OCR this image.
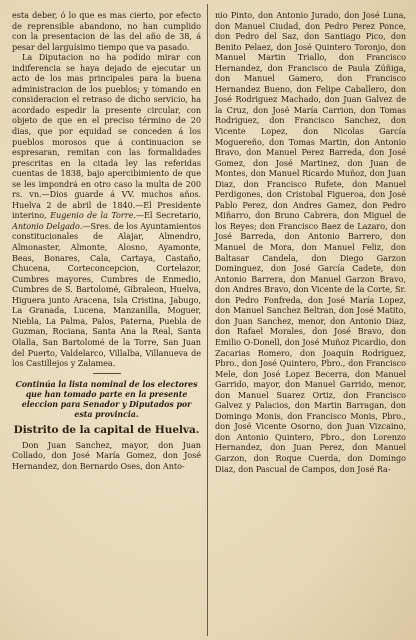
esta deber, ó lo que es mas cierto, por efecto de reprensible abandono, no han cumplido con la presentacion de las del año de 38, á pesar del larguísimo tiempo que va pasado.

La Diputacion no ha podido mirar con indiferencia se haya dejado de ejecutar un acto de los mas principales para la buena administracion de los pueblos; y tomando en consideracion el retraso de dicho servicio, ha acordado espedir la presente circular, con objeto de que en el preciso término de 20 dias, que por equidad se conceden á los pueblos morosos que á continuacion se espresaran, remitan con las formalidades prescritas en la citada ley las referidas cuentas de 1838, bajo apercibimiento de que se les impondrá en otro caso la multa de 200 rs. vn.—Dios guarde á VV. muchos años. Huelva 2 de abril de 1840.—El Presidente interino, Eugenio de la Torre.—El Secretario, Antonio Delgado.—Sres. de los Ayuntamientos constitucionales de Alajar, Almendro, Almonaster, Almonte, Alosno, Ayamonte, Beas, Bonares, Cala, Cartaya, Castaño, Chucena, Corteconcepcion, Cortelazor, Cumbres mayores, Cumbres de Enmedio, Cumbres de S. Bartolomé, Gibraleon, Huelva, Higuera junto Aracena, Isla Cristina, Jabugo, La Granada, Lucena, Manzanilla, Moguer, Niebla, La Palma, Palos, Paterna, Puebla de Guzman, Rociana, Santa Ana la Real, Santa Olalla, San Bartolomé de la Torre, San Juan del Puerto, Valdelarco, Villalba, Villanueva de los Castillejos y Zalamea.

Continúa la lista nominal de los electores que han tomado parte en la presente eleccion para Senador y Diputados por esta provincia.

Distrito de la capital de Huelva.

Don Juan Sanchez, mayor, don Juan Collado, don José María Gomez, don José Hernandez, don Bernardo Oses, don Anto-

nio Pinto, don Antonio Jurado, don José Luna, don Manuel Ciudad, don Pedro Perez Ponce, don Pedro del Saz, don Santiago Pico, don Benito Pelaez, don José Quintero Toronjo, don Manuel Martin Triallo, don Francisco Hernandez, don Francisco de Paula Zúñiga, don Manuel Gamero, don Francisco Hernandez Bueno, don Felipe Caballero, don José Rodriguez Machado, don Juan Galvez de la Cruz, don José María Carrion, don Tomas Rodriguez, don Francisco Sanchez, don Vicente Lopez, don Nicolas García Moguereño, don Tomas Martin, don Antonio Bravo, don Manuel Perez Barreda, don José Gomez, don José Martinez, don Juan de Montes, don Manuel Ricardo Muñoz, don Juan Diaz, don Francisco Rufete, don Manuel Perdigones, don Cristobal Figueroa, don José Pablo Perez, don Andres Gamez, don Pedro Miñarro, don Bruno Cabrera, don Miguel de los Reyes; don Francisco Baez de Lazaro, don José Barreda, don Antonio Barrero, don Manuel de Mora, don Manuel Feliz, don Baltasar Candela, don Diego Garzon Dominguez, don José García Cadete, don Antonio Barrera, don Manuel Garzon Bravo, don Andres Bravo, don Vicente de la Corte, Sr. don Pedro Fonfreda, don José María Lopez, don Manuel Sanchez Beltran, don José Matito, don Juan Sanchez, menor, don Antonio Diaz, don Rafael Morales, don José Bravo, don Emilio O-Donell, don José Muñoz Picardio, don Zacarias Romero, don Joaquin Rodriguez, Pbro., don José Quintero, Pbro., don Francisco Mele, don José Lopez Becerra, don Manuel Garrido, mayor, don Manuel Garrido, menor, don Manuel Suarez Ortiz, don Francisco Galvez y Palacios, don Martin Barragan, don Domingo Monis, don Francisco Monis, Pbro., don José Vicente Osorno, don Juan Vizcaino, don Antonio Quintero, Pbro., don Lorenzo Hernandez, don Juan Perez, don Manuel Garzon, don Roque Cuerda, don Domingo Diaz, don Pascual de Campos, don José Ra-
